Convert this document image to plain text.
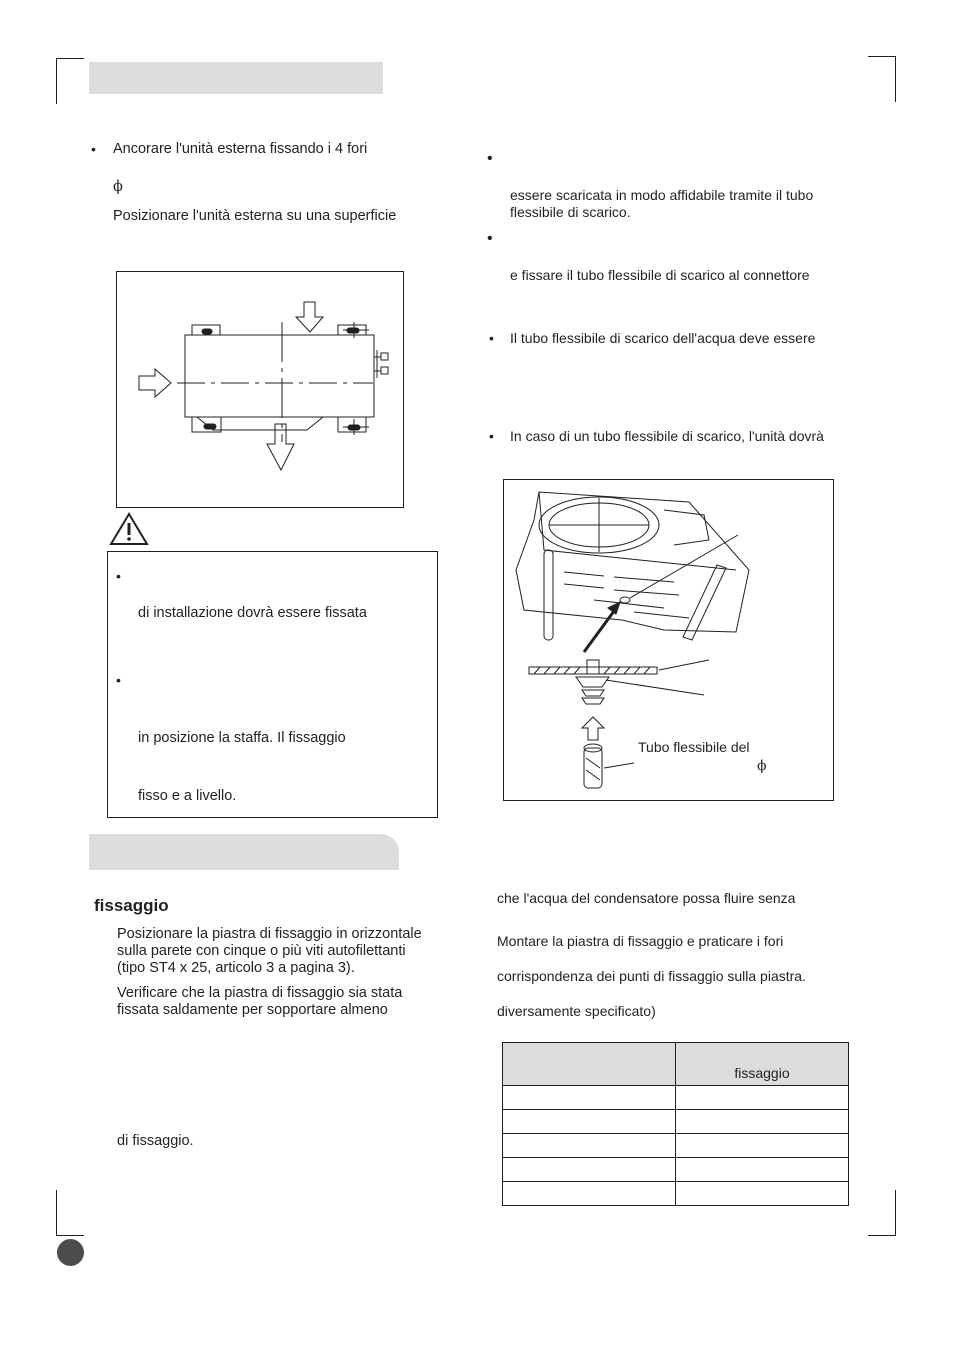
• Ancorare l'unità esterna fissando i 4 fori
ϕ
Posizionare l'unità esterna su una superficie
•
di installazione dovrà essere fissata
•
in posizione la staffa. Il fissaggio
fisso e a livello.
fissaggio
Posizionare la piastra di fissaggio in orizzontale
sulla parete con cinque o più viti autofilettanti
(tipo ST4 x 25, articolo 3 a pagina 3).
Verificare che la piastra di fissaggio sia stata
fissata saldamente per sopportare almeno
di fissaggio.
•
essere scaricata in modo affidabile tramite il tubo
flessibile di scarico.
•
e fissare il tubo flessibile di scarico al connettore
• Il tubo flessibile di scarico dell'acqua deve essere
• In caso di un tubo flessibile di scarico, l'unità dovrà
Tubo flessibile del
ϕ
che l'acqua del condensatore possa fluire senza
Montare la piastra di fissaggio e praticare i fori
corrispondenza dei punti di fissaggio sulla piastra.
diversamente specificato)

	fissaggio
